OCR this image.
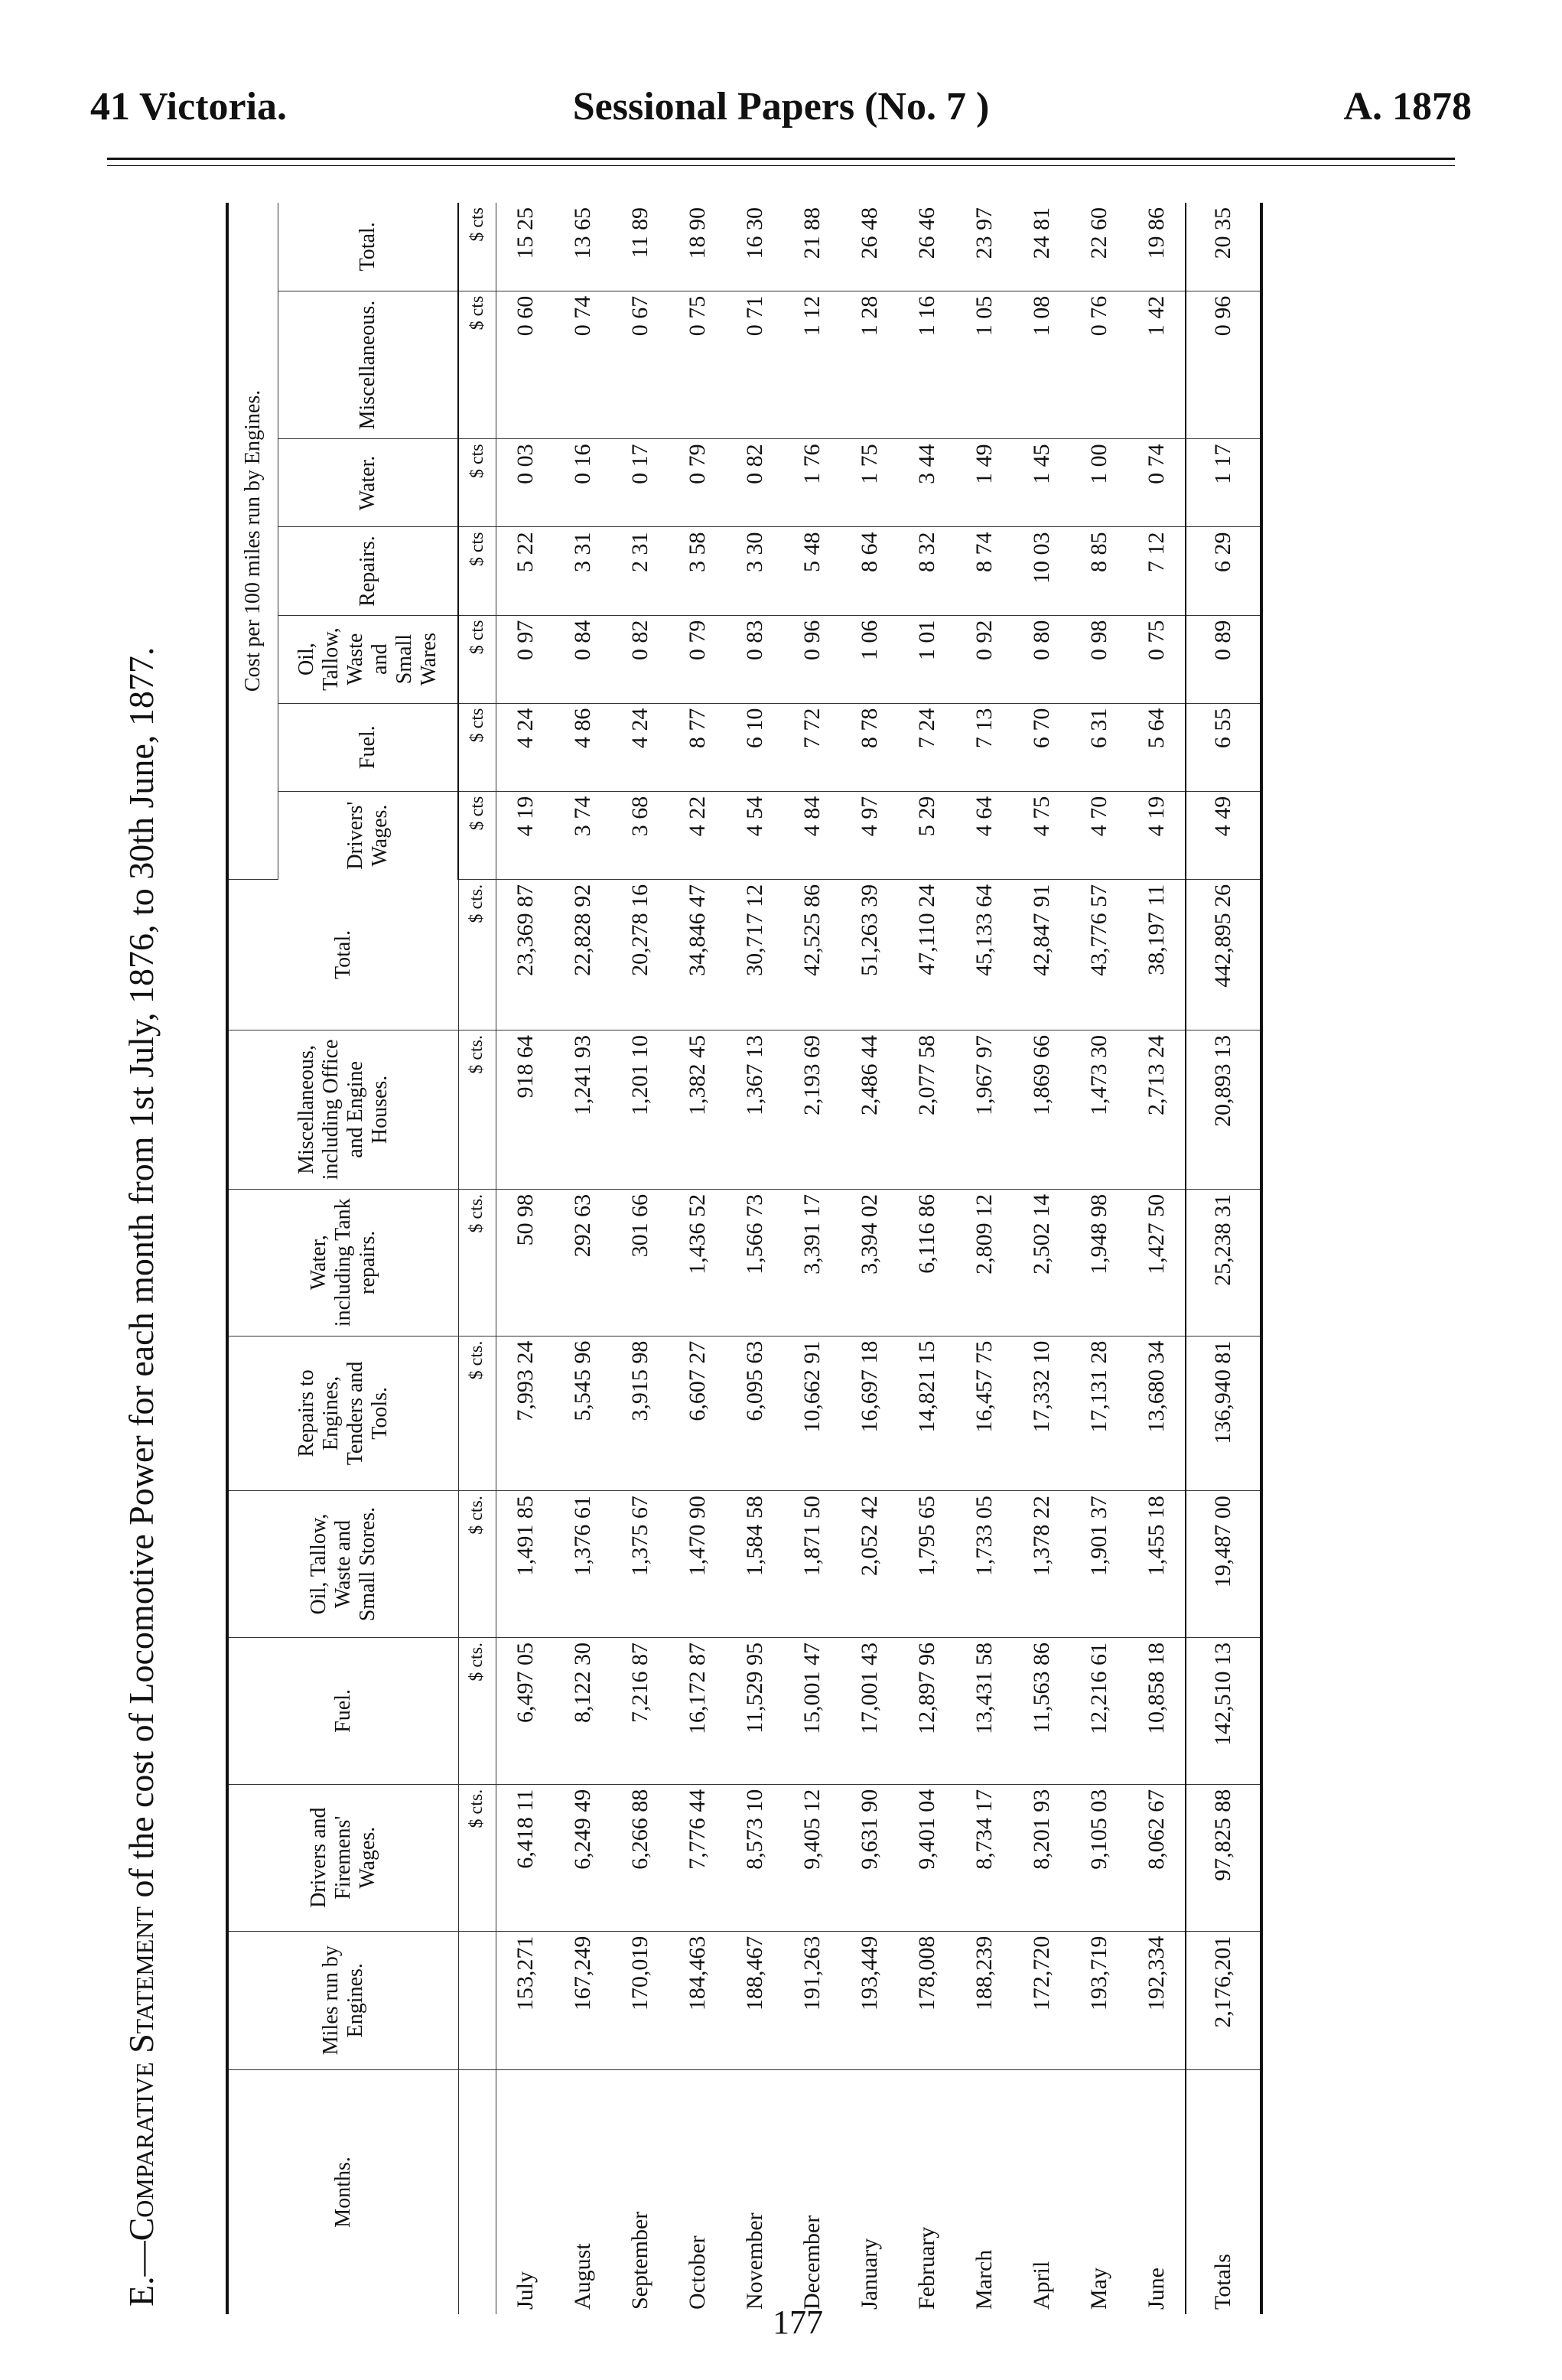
41 Victoria.	Sessional Papers (No. 7 )	A. 1878
E.—Comparative Statement of the cost of Locomotive Power for each month from 1st July, 1876, to 30th June, 1877.
Months.	Miles run by Engines.	Drivers and Firemens' Wages.	Fuel.	Oil, Tallow, Waste and Small Stores.	Repairs to Engines, Tenders and Tools.	Water, including Tank repairs.	Miscellaneous, including Office and Engine Houses.	Total.	Cost per 100 miles run by Engines.						
									Drivers' Wages.	Fuel.	Oil, Tallow, Waste and Small Wares	Repairs.	Water.	Miscellaneous.	Total.
		$ cts.	$ cts.	$ cts.	$ cts.	$ cts.	$ cts.	$ cts.	$ cts	$ cts	$ cts	$ cts	$ cts	$ cts	$ cts
July	153,271	6,418 11	6,497 05	1,491 85	7,993 24	50 98	918 64	23,369 87	4 19	4 24	0 97	5 22	0 03	0 60	15 25
August	167,249	6,249 49	8,122 30	1,376 61	5,545 96	292 63	1,241 93	22,828 92	3 74	4 86	0 84	3 31	0 16	0 74	13 65
September	170,019	6,266 88	7,216 87	1,375 67	3,915 98	301 66	1,201 10	20,278 16	3 68	4 24	0 82	2 31	0 17	0 67	11 89
October	184,463	7,776 44	16,172 87	1,470 90	6,607 27	1,436 52	1,382 45	34,846 47	4 22	8 77	0 79	3 58	0 79	0 75	18 90
November	188,467	8,573 10	11,529 95	1,584 58	6,095 63	1,566 73	1,367 13	30,717 12	4 54	6 10	0 83	3 30	0 82	0 71	16 30
December	191,263	9,405 12	15,001 47	1,871 50	10,662 91	3,391 17	2,193 69	42,525 86	4 84	7 72	0 96	5 48	1 76	1 12	21 88
January	193,449	9,631 90	17,001 43	2,052 42	16,697 18	3,394 02	2,486 44	51,263 39	4 97	8 78	1 06	8 64	1 75	1 28	26 48
February	178,008	9,401 04	12,897 96	1,795 65	14,821 15	6,116 86	2,077 58	47,110 24	5 29	7 24	1 01	8 32	3 44	1 16	26 46
March	188,239	8,734 17	13,431 58	1,733 05	16,457 75	2,809 12	1,967 97	45,133 64	4 64	7 13	0 92	8 74	1 49	1 05	23 97
April	172,720	8,201 93	11,563 86	1,378 22	17,332 10	2,502 14	1,869 66	42,847 91	4 75	6 70	0 80	10 03	1 45	1 08	24 81
May	193,719	9,105 03	12,216 61	1,901 37	17,131 28	1,948 98	1,473 30	43,776 57	4 70	6 31	0 98	8 85	1 00	0 76	22 60
June	192,334	8,062 67	10,858 18	1,455 18	13,680 34	1,427 50	2,713 24	38,197 11	4 19	5 64	0 75	7 12	0 74	1 42	19 86
Totals	2,176,201	97,825 88	142,510 13	19,487 00	136,940 81	25,238 31	20,893 13	442,895 26	4 49	6 55	0 89	6 29	1 17	0 96	20 35
177
